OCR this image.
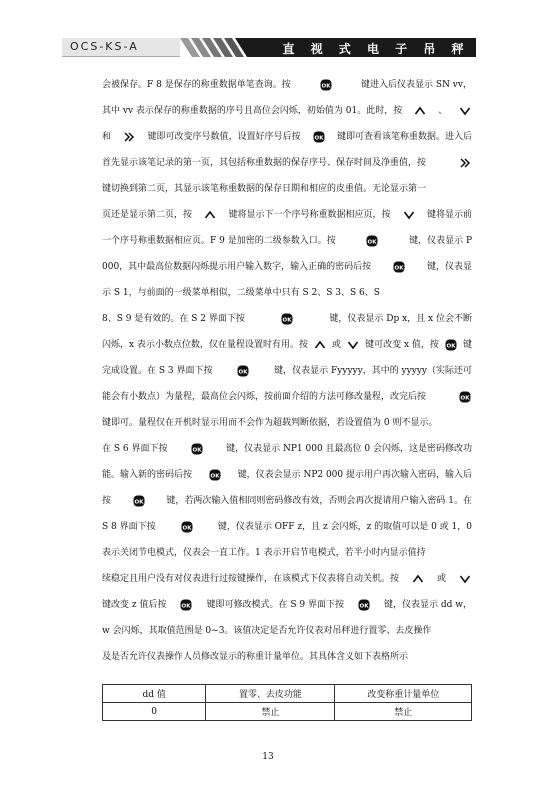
OCS-KS-A	直 视 式 电 子 吊 秤
会被保存。F 8 是保存的称重数据单笔查询。按	OK	键进入后仪表显示 SN vv，
其中 vv 表示保存的称重数据的序号且高位会闪烁，初始值为 01。此时，按	、
和	键即可改变序号数值，设置好序号后按	OK 键即可查看该笔称重数据。进入后
首先显示该笔记录的第一页，其包括称重数据的保存序号、保存时间及净重值，按
键切换到第二页，其显示该笔称重数据的保存日期和相应的皮重值。无论显示第一
页还是显示第二页，按	键将显示下一个序号称重数据相应页，按	键将显示前
一个序号称重数据相应页。F 9 是加密的二级参数入口。按	OK	键，仪表显示 P
000，其中最高位数据闪烁提示用户输入数字，输入正确的密码后按	OK	键，仪表显
示 S 1，与前面的一级菜单相似，二级菜单中只有 S 2、S 3、S 6、S
8、S 9 是有效的。在 S 2 界面下按	OK	键，仪表显示 Dp x，且 x 位会不断
闪烁，x 表示小数点位数，仅在量程设置时有用。按	或	键可改变 x 值，按 OK 键
完成设置。在 S 3 界面下按	OK	键，仪表显示 Fyyyyy，其中的 yyyyy（实际还可
能会有小数点）为量程，最高位会闪烁，按前面介绍的方法可修改量程，改完后按	OK
键即可。量程仅在开机时显示用而不会作为超载判断依据，若设置值为 0 则不显示。
在 S 6 界面下按	OK	键，仪表显示 NP1 000 且最高位 0 会闪烁，这是密码修改功
能。输入新的密码后按	OK 键，仪表会显示 NP2 000 提示用户再次输入密码，输入后
按	OK	键，若两次输入值相同则密码修改有效，否则会再次提请用户输入密码 1。在
S 8 界面下按	OK	键，仪表显示 OFF z，且 z 会闪烁，z 的取值可以是 0 或 1，0
表示关闭节电模式，仪表会一直工作。1 表示开启节电模式，若半小时内显示值持
续稳定且用户没有对仪表进行过按键操作，在该模式下仪表将自动关机。按	或
键改变 z 值后按	OK 键即可修改模式。在 S 9 界面下按	OK 键，仪表显示 dd w，
w 会闪烁，其取值范围是 0~3。该值决定是否允许仪表对吊秤进行置零、去皮操作
及是否允许仪表操作人员修改显示的称重计量单位。其具体含义如下表格所示
dd 值	置零、去皮功能	改变称重计量单位
0	禁止	禁止
13
